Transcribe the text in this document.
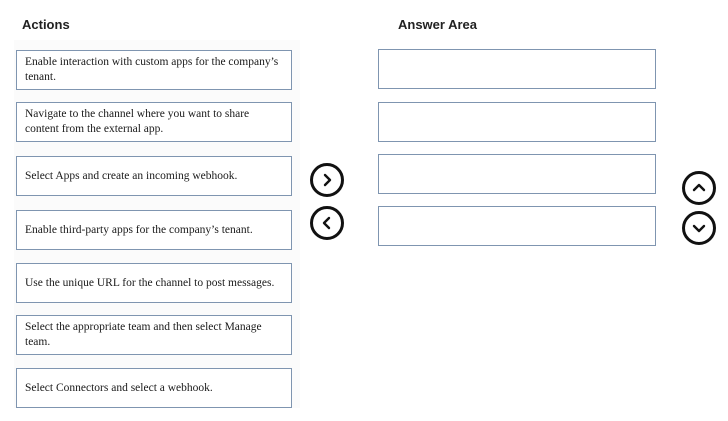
Actions	Answer Area
Enable interaction with custom apps for the company’s tenant.
Navigate to the channel where you want to share content from the external app.
Select Apps and create an incoming webhook.
Enable third-party apps for the company’s tenant.
Use the unique URL for the channel to post messages.
Select the appropriate team and then select Manage team.
Select Connectors and select a webhook.
